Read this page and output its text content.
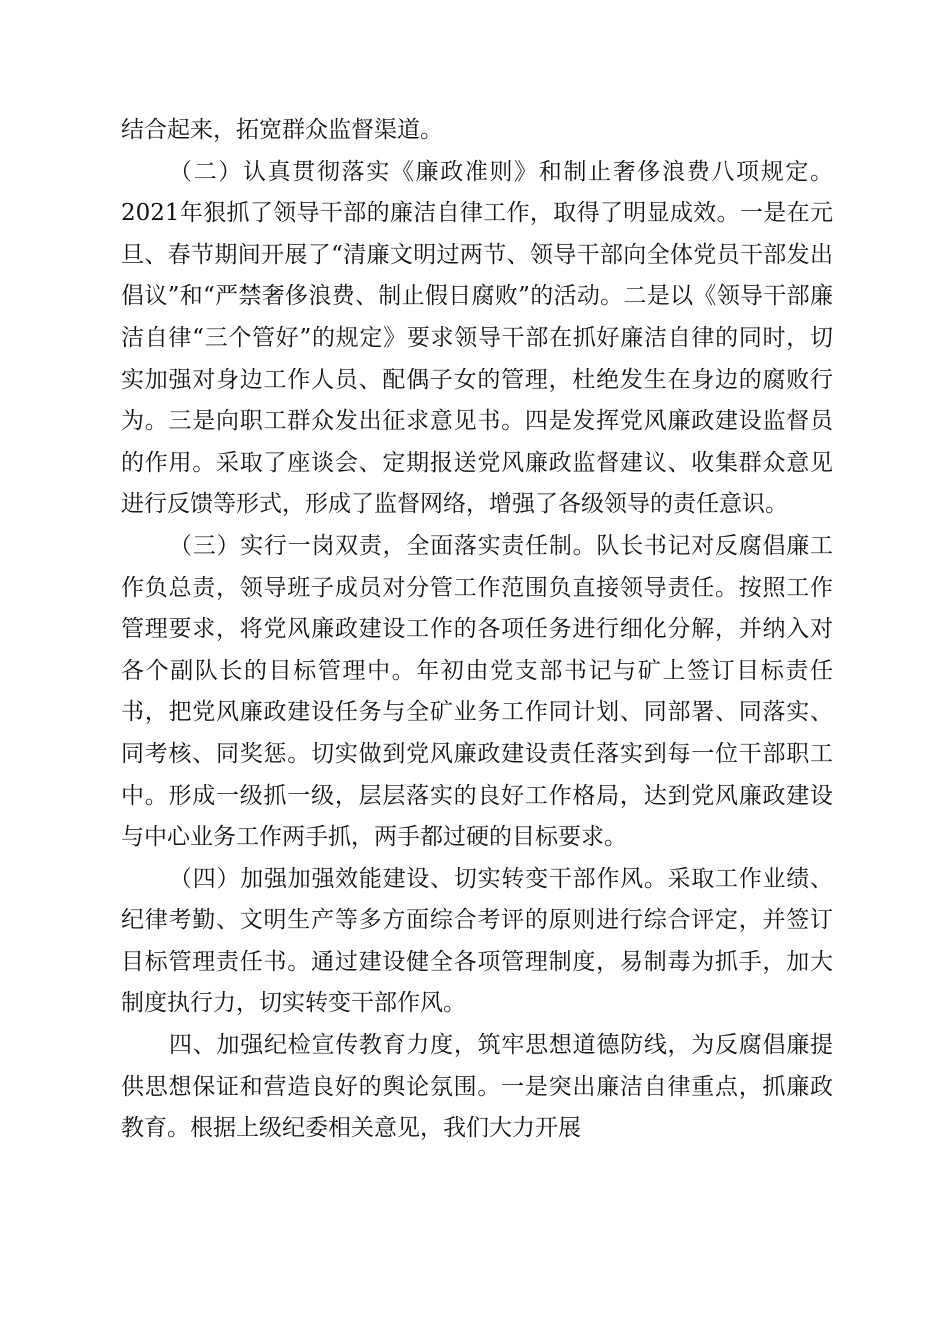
结合起来，拓宽群众监督渠道。

（二）认真贯彻落实《廉政准则》和制止奢侈浪费八项规定。2021年狠抓了领导干部的廉洁自律工作，取得了明显成效。一是在元旦、春节期间开展了“清廉文明过两节、领导干部向全体党员干部发出倡议”和“严禁奢侈浪费、制止假日腐败”的活动。二是以《领导干部廉洁自律“三个管好”的规定》要求领导干部在抓好廉洁自律的同时，切实加强对身边工作人员、配偶子女的管理，杜绝发生在身边的腐败行为。三是向职工群众发出征求意见书。四是发挥党风廉政建设监督员的作用。采取了座谈会、定期报送党风廉政监督建议、收集群众意见进行反馈等形式，形成了监督网络，增强了各级领导的责任意识。

（三）实行一岗双责，全面落实责任制。队长书记对反腐倡廉工作负总责，领导班子成员对分管工作范围负直接领导责任。按照工作管理要求，将党风廉政建设工作的各项任务进行细化分解，并纳入对各个副队长的目标管理中。年初由党支部书记与矿上签订目标责任书，把党风廉政建设任务与全矿业务工作同计划、同部署、同落实、同考核、同奖惩。切实做到党风廉政建设责任落实到每一位干部职工中。形成一级抓一级，层层落实的良好工作格局，达到党风廉政建设与中心业务工作两手抓，两手都过硬的目标要求。

（四）加强加强效能建设、切实转变干部作风。采取工作业绩、纪律考勤、文明生产等多方面综合考评的原则进行综合评定，并签订目标管理责任书。通过建设健全各项管理制度，易制毒为抓手，加大制度执行力，切实转变干部作风。

四、加强纪检宣传教育力度，筑牢思想道德防线，为反腐倡廉提供思想保证和营造良好的舆论氛围。一是突出廉洁自律重点，抓廉政教育。根据上级纪委相关意见，我们大力开展
